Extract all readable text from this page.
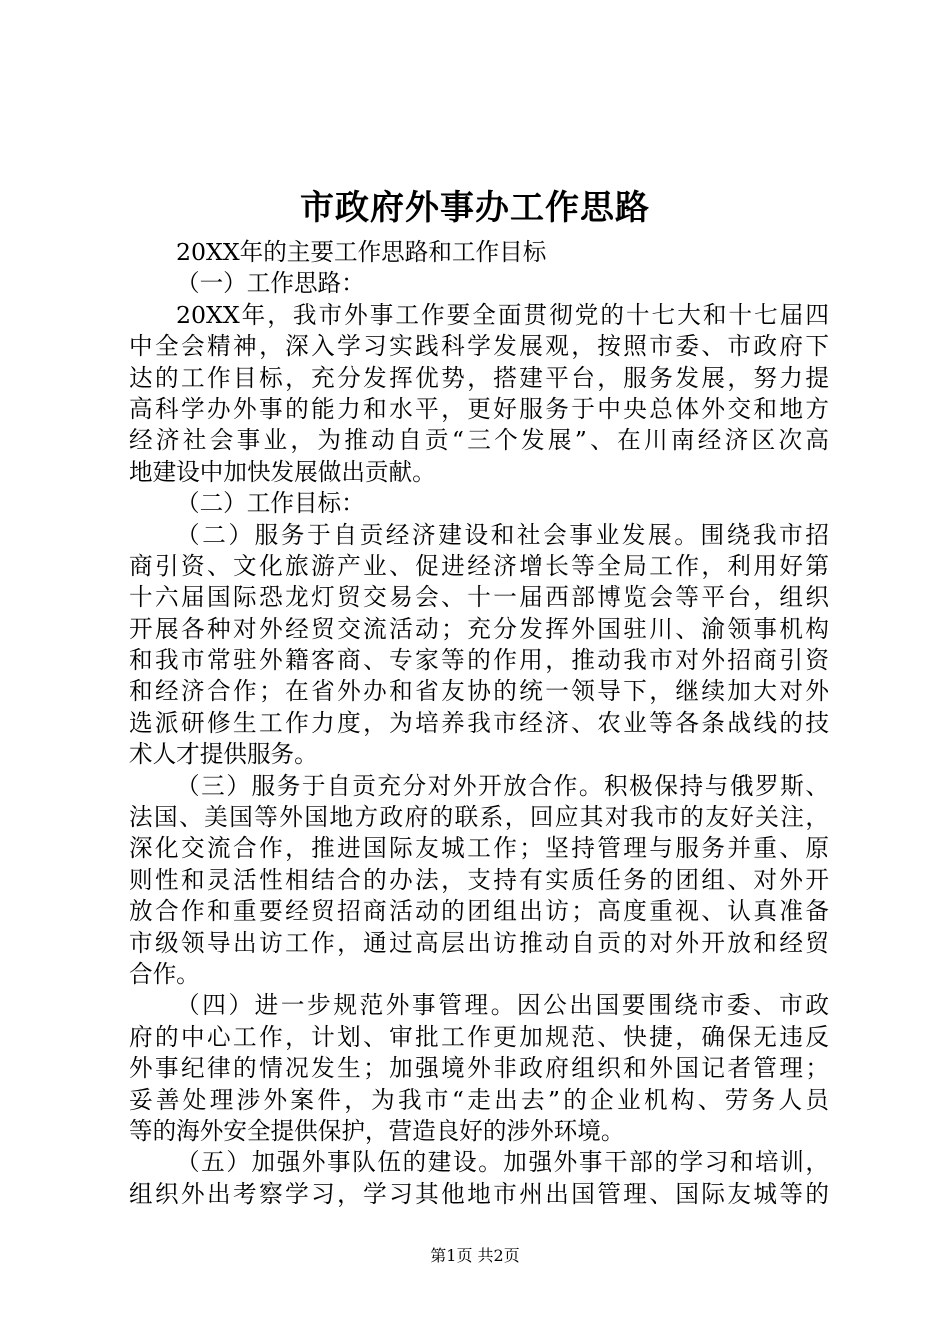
市政府外事办工作思路
20XX年的主要工作思路和工作目标
（一）工作思路：
20XX年，我市外事工作要全面贯彻党的十七大和十七届四
中全会精神，深入学习实践科学发展观，按照市委、市政府下
达的工作目标，充分发挥优势，搭建平台，服务发展，努力提
高科学办外事的能力和水平，更好服务于中央总体外交和地方
经济社会事业，为推动自贡“三个发展”、在川南经济区次高
地建设中加快发展做出贡献。
（二）工作目标：
（二）服务于自贡经济建设和社会事业发展。围绕我市招
商引资、文化旅游产业、促进经济增长等全局工作，利用好第
十六届国际恐龙灯贸交易会、十一届西部博览会等平台，组织
开展各种对外经贸交流活动；充分发挥外国驻川、渝领事机构
和我市常驻外籍客商、专家等的作用，推动我市对外招商引资
和经济合作；在省外办和省友协的统一领导下，继续加大对外
选派研修生工作力度，为培养我市经济、农业等各条战线的技
术人才提供服务。
（三）服务于自贡充分对外开放合作。积极保持与俄罗斯、
法国、美国等外国地方政府的联系，回应其对我市的友好关注，
深化交流合作，推进国际友城工作；坚持管理与服务并重、原
则性和灵活性相结合的办法，支持有实质任务的团组、对外开
放合作和重要经贸招商活动的团组出访；高度重视、认真准备
市级领导出访工作，通过高层出访推动自贡的对外开放和经贸
合作。
（四）进一步规范外事管理。因公出国要围绕市委、市政
府的中心工作，计划、审批工作更加规范、快捷，确保无违反
外事纪律的情况发生；加强境外非政府组织和外国记者管理；
妥善处理涉外案件，为我市“走出去”的企业机构、劳务人员
等的海外安全提供保护，营造良好的涉外环境。
（五）加强外事队伍的建设。加强外事干部的学习和培训，
组织外出考察学习，学习其他地市州出国管理、国际友城等的
第1页 共2页
